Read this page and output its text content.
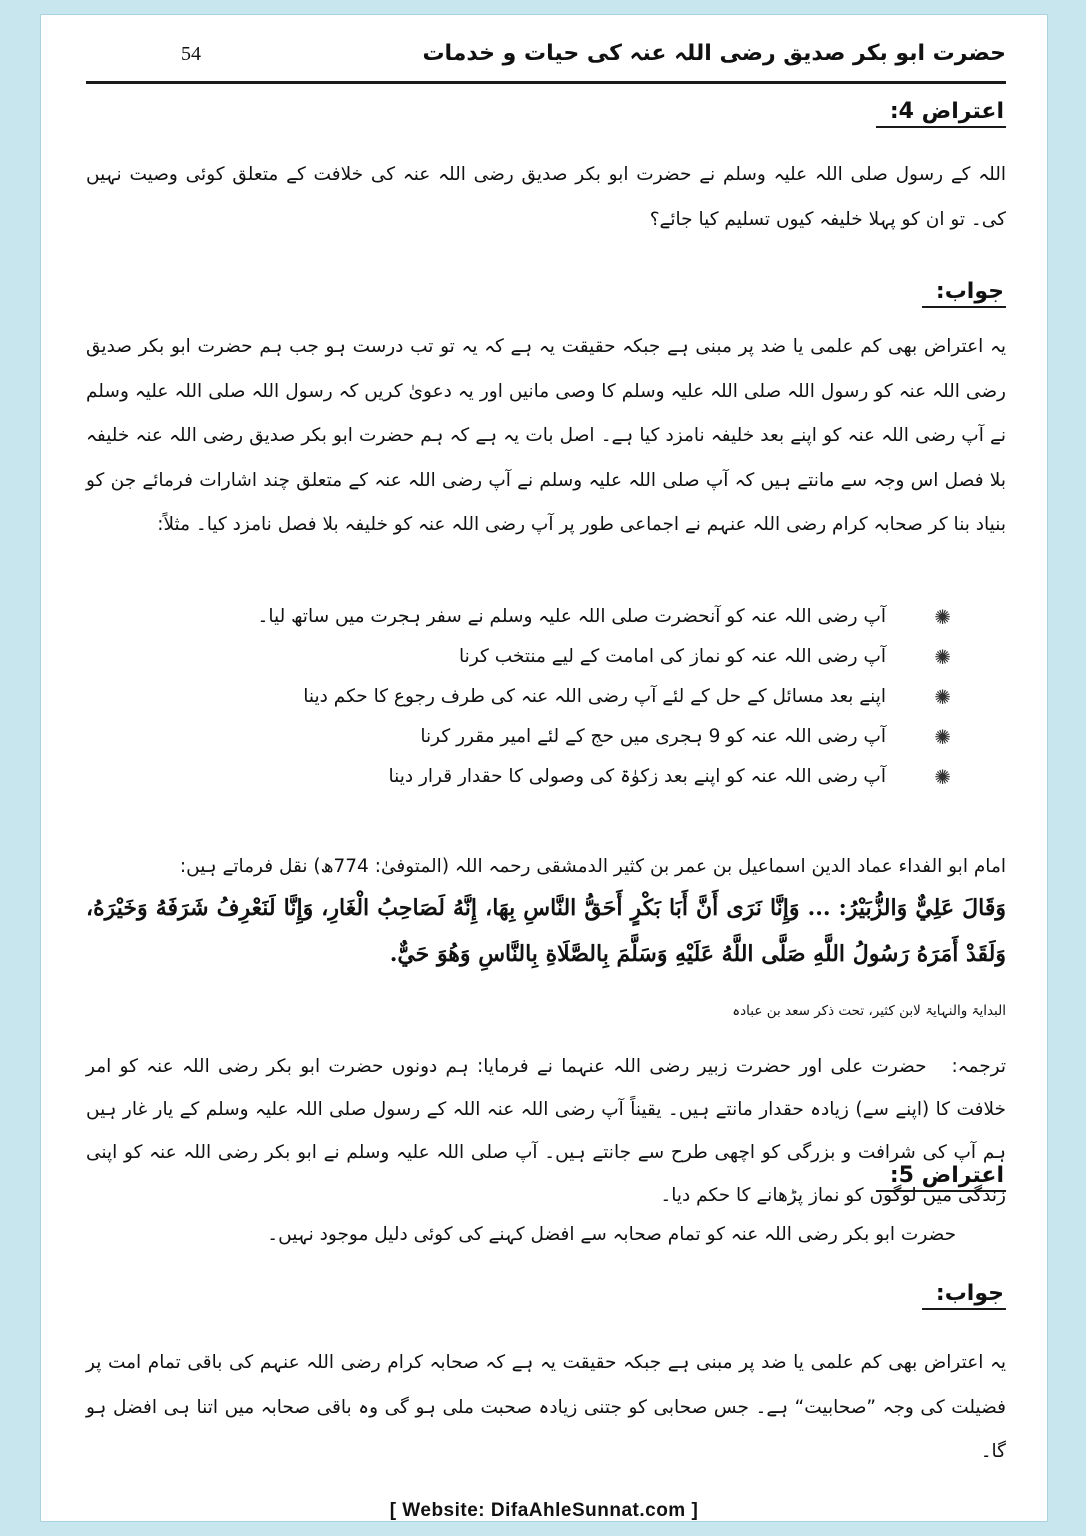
حضرت ابو بکر صدیق رضی اللہ عنہ کی حیات و خدمات
54
اعتراض 4:

اللہ کے رسول صلی اللہ علیہ وسلم نے حضرت ابو بکر صدیق رضی اللہ عنہ کی خلافت کے متعلق کوئی وصیت نہیں کی۔ تو ان کو پہلا خلیفہ کیوں تسلیم کیا جائے؟

جواب:

یہ اعتراض بھی کم علمی یا ضد پر مبنی ہے جبکہ حقیقت یہ ہے کہ یہ تو تب درست ہو جب ہم حضرت ابو بکر صدیق رضی اللہ عنہ کو رسول اللہ صلی اللہ علیہ وسلم کا وصی مانیں اور یہ دعویٰ کریں کہ رسول اللہ صلی اللہ علیہ وسلم نے آپ رضی اللہ عنہ کو اپنے بعد خلیفہ نامزد کیا ہے۔ اصل بات یہ ہے کہ ہم حضرت ابو بکر صدیق رضی اللہ عنہ خلیفہ بلا فصل اس وجہ سے مانتے ہیں کہ آپ صلی اللہ علیہ وسلم نے آپ رضی اللہ عنہ کے متعلق چند اشارات فرمائے جن کو بنیاد بنا کر صحابہ کرام رضی اللہ عنہم نے اجماعی طور پر آپ رضی اللہ عنہ کو خلیفہ بلا فصل نامزد کیا۔ مثلاً:

✺
آپ رضی اللہ عنہ کو آنحضرت صلی اللہ علیہ وسلم نے سفر ہجرت میں ساتھ لیا۔
✺
آپ رضی اللہ عنہ کو نماز کی امامت کے لیے منتخب کرنا
✺
اپنے بعد مسائل کے حل کے لئے آپ رضی اللہ عنہ کی طرف رجوع کا حکم دینا
✺
آپ رضی اللہ عنہ کو 9 ہجری میں حج کے لئے امیر مقرر کرنا
✺
آپ رضی اللہ عنہ کو اپنے بعد زکوٰۃ کی وصولی کا حقدار قرار دینا

امام ابو الفداء عماد الدین اسماعیل بن عمر بن کثیر الدمشقی رحمہ اللہ (المتوفیٰ: 774ھ) نقل فرماتے ہیں:

وَقَالَ عَلِيٌّ وَالزُّبَيْرُ: ... وَإِنَّا نَرَى أَنَّ أَبَا بَكْرٍ أَحَقُّ النَّاسِ بِهَا، إِنَّهُ لَصَاحِبُ الْغَارِ، وَإِنَّا لَنَعْرِفُ شَرَفَهُ وَخَيْرَهُ، وَلَقَدْ أَمَرَهُ رَسُولُ اللَّهِ صَلَّى اللَّهُ عَلَيْهِ وَسَلَّمَ بِالصَّلَاةِ بِالنَّاسِ وَهُوَ حَيٌّ.

البدایۃ والنہایۃ لابن کثیر، تحت ذکر سعد بن عبادہ

ترجمہ:   حضرت علی اور حضرت زبیر رضی اللہ عنہما نے فرمایا: ہم دونوں حضرت ابو بکر رضی اللہ عنہ کو امر خلافت کا (اپنے سے) زیادہ حقدار مانتے ہیں۔ یقیناً آپ رضی اللہ عنہ اللہ کے رسول صلی اللہ علیہ وسلم کے یار غار ہیں ہم آپ کی شرافت و بزرگی کو اچھی طرح سے جانتے ہیں۔ آپ صلی اللہ علیہ وسلم نے ابو بکر رضی اللہ عنہ کو اپنی زندگی میں لوگوں کو نماز پڑھانے کا حکم دیا۔

اعتراض 5:

حضرت ابو بکر رضی اللہ عنہ کو تمام صحابہ سے افضل کہنے کی کوئی دلیل موجود نہیں۔

جواب:

یہ اعتراض بھی کم علمی یا ضد پر مبنی ہے جبکہ حقیقت یہ ہے کہ صحابہ کرام رضی اللہ عنہم کی باقی تمام امت پر فضیلت کی وجہ ”صحابیت“ ہے۔ جس صحابی کو جتنی زیادہ صحبت ملی ہو گی وہ باقی صحابہ میں اتنا ہی افضل ہو گا۔

[ Website: DifaAhleSunnat.com ]
